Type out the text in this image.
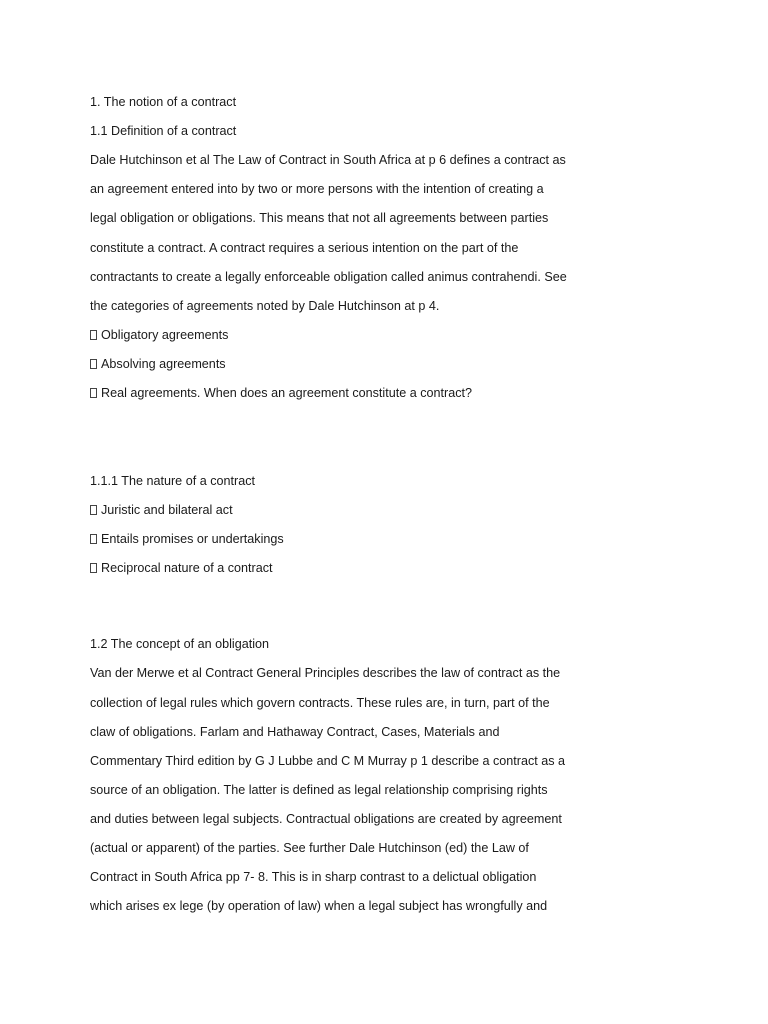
1. The notion of a contract
1.1 Definition of a contract
Dale Hutchinson et al The Law of Contract in South Africa at p 6 defines a contract as
an agreement entered into by two or more persons with the intention of creating a
legal obligation or obligations. This means that not all agreements between parties
constitute a contract. A contract requires a serious intention on the part of the
contractants to create a legally enforceable obligation called animus contrahendi. See
the categories of agreements noted by Dale Hutchinson at p 4.
Obligatory agreements
Absolving agreements
Real agreements. When does an agreement constitute a contract?
1.1.1 The nature of a contract
Juristic and bilateral act
Entails promises or undertakings
Reciprocal nature of a contract
1.2 The concept of an obligation
Van der Merwe et al Contract General Principles describes the law of contract as the
collection of legal rules which govern contracts. These rules are, in turn, part of the
claw of obligations. Farlam and Hathaway Contract, Cases, Materials and
Commentary Third edition by G J Lubbe and C M Murray p 1 describe a contract as a
source of an obligation. The latter is defined as legal relationship comprising rights
and duties between legal subjects. Contractual obligations are created by agreement
(actual or apparent) of the parties. See further Dale Hutchinson (ed) the Law of
Contract in South Africa pp 7- 8. This is in sharp contrast to a delictual obligation
which arises ex lege (by operation of law) when a legal subject has wrongfully and
